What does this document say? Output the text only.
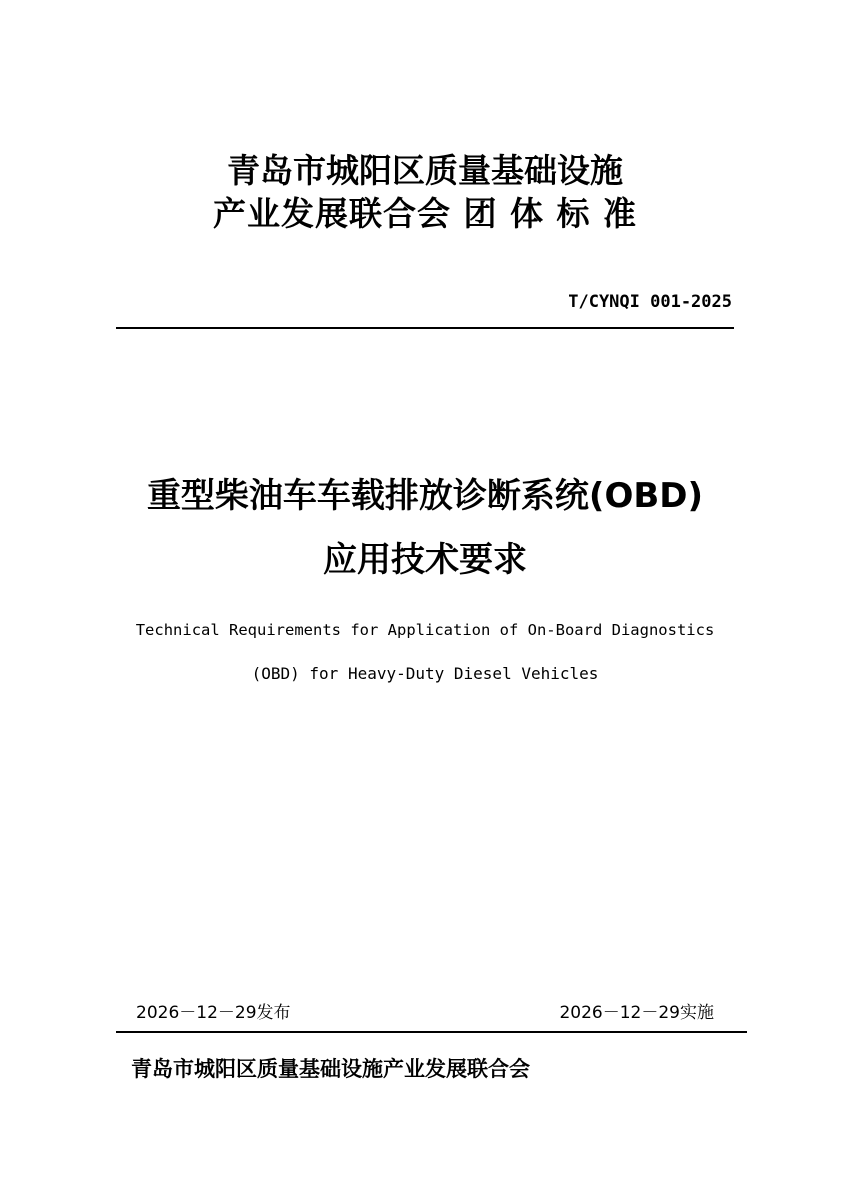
青岛市城阳区质量基础设施
产业发展联合会 团 体 标 准
T/CYNQI 001-2025
重型柴油车车载排放诊断系统(OBD)
应用技术要求
Technical Requirements for Application of On-Board Diagnostics
(OBD) for Heavy-Duty Diesel Vehicles
2026－12－29发布	2026－12－29实施
青岛市城阳区质量基础设施产业发展联合会
